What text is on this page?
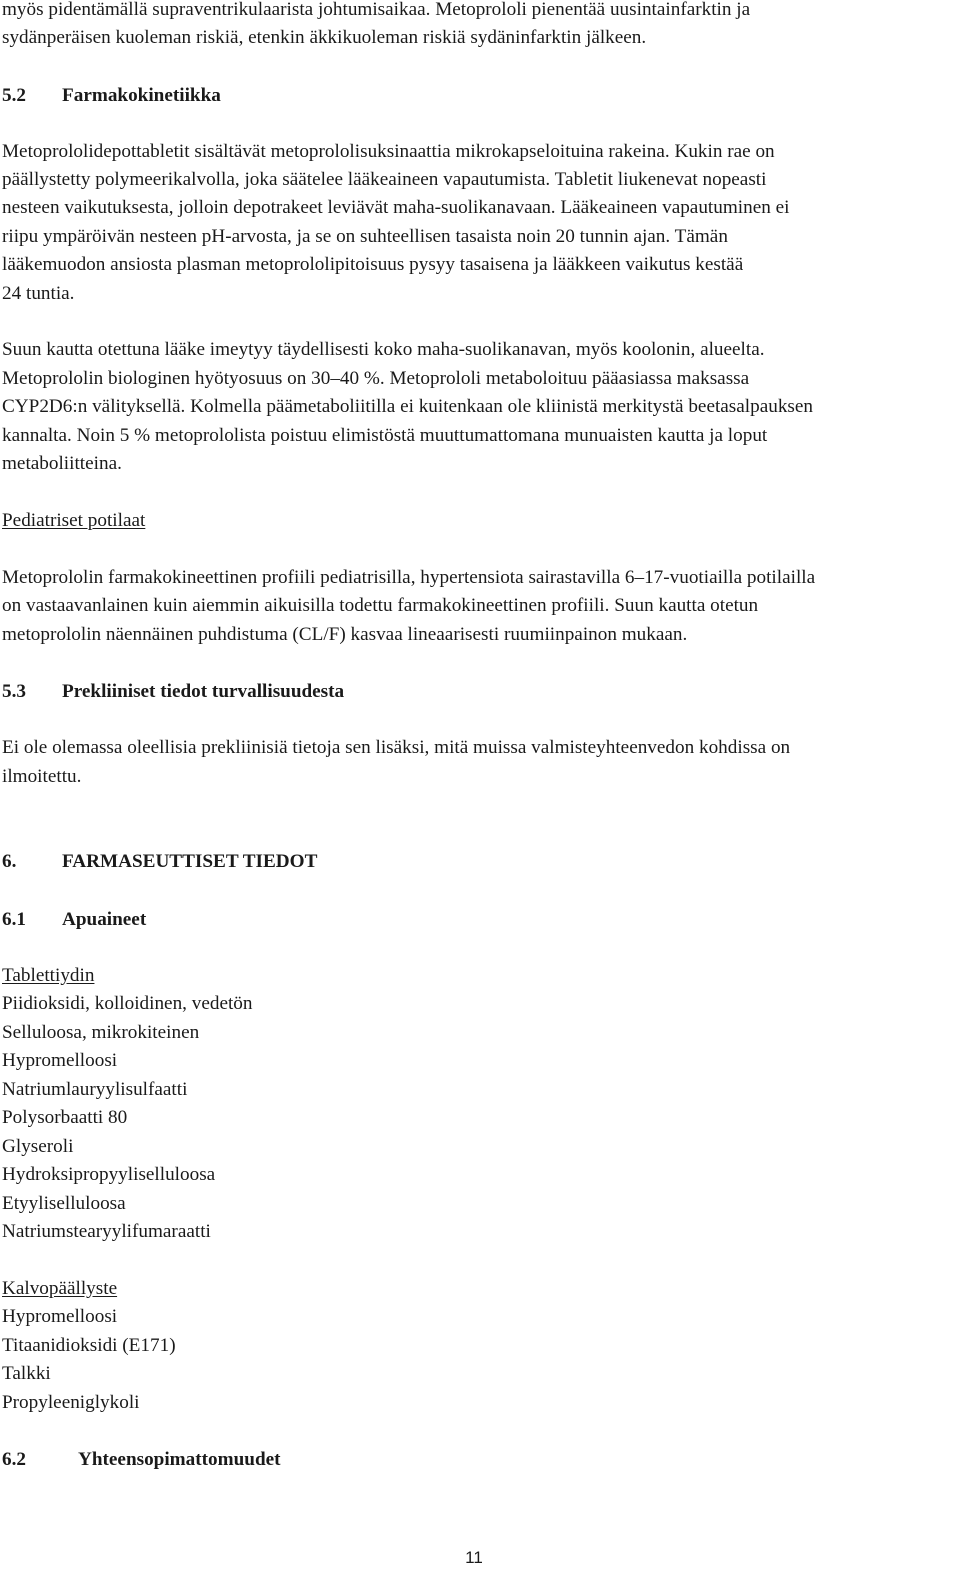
myös pidentämällä supraventrikulaarista johtumisaikaa. Metoprololi pienentää uusintainfarktin ja
sydänperäisen kuoleman riskiä, etenkin äkkikuoleman riskiä sydäninfarktin jälkeen.
5.2 Farmakokinetiikka
Metoprololidepottabletit sisältävät metoprololisuksinaattia mikrokapseloituina rakeina. Kukin rae on
päällystetty polymeerikalvolla, joka säätelee lääkeaineen vapautumista. Tabletit liukenevat nopeasti
nesteen vaikutuksesta, jolloin depotrakeet leviävät maha-suolikanavaan. Lääkeaineen vapautuminen ei
riipu ympäröivän nesteen pH-arvosta, ja se on suhteellisen tasaista noin 20 tunnin ajan. Tämän
lääkemuodon ansiosta plasman metoprololipitoisuus pysyy tasaisena ja lääkkeen vaikutus kestää
24 tuntia.
Suun kautta otettuna lääke imeytyy täydellisesti koko maha-suolikanavan, myös koolonin, alueelta.
Metoprololin biologinen hyötyosuus on 30–40 %. Metoprololi metaboloituu pääasiassa maksassa
CYP2D6:n välityksellä. Kolmella päämetaboliitilla ei kuitenkaan ole kliinistä merkitystä beetasalpauksen
kannalta. Noin 5 % metoprololista poistuu elimistöstä muuttumattomana munuaisten kautta ja loput
metaboliitteina.
Pediatriset potilaat
Metoprololin farmakokineettinen profiili pediatrisilla, hypertensiota sairastavilla 6–17-vuotiailla potilailla
on vastaavanlainen kuin aiemmin aikuisilla todettu farmakokineettinen profiili. Suun kautta otetun
metoprololin näennäinen puhdistuma (CL/F) kasvaa lineaarisesti ruumiinpainon mukaan.
5.3 Prekliiniset tiedot turvallisuudesta
Ei ole olemassa oleellisia prekliinisiä tietoja sen lisäksi, mitä muissa valmisteyhteenvedon kohdissa on
ilmoitettu.
6. FARMASEUTTISET TIEDOT
6.1 Apuaineet
Tablettiydin
Piidioksidi, kolloidinen, vedetön
Selluloosa, mikrokiteinen
Hypromelloosi
Natriumlauryylisulfaatti
Polysorbaatti 80
Glyseroli
Hydroksipropyyliselluloosa
Etyyliselluloosa
Natriumstearyylifumaraatti
Kalvopäällyste
Hypromelloosi
Titaanidioksidi (E171)
Talkki
Propyleeniglykoli
6.2	Yhteensopimattomuudet
11
